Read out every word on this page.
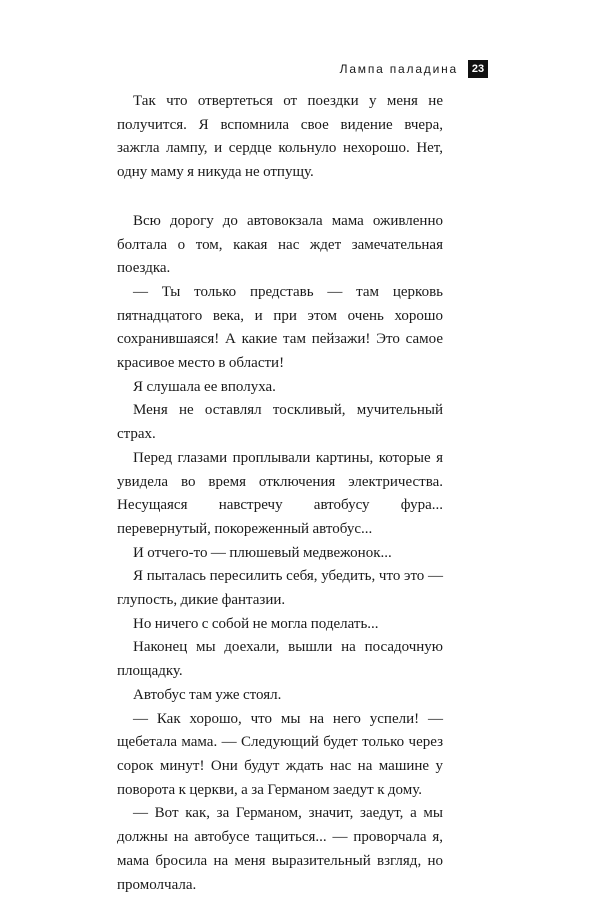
Лампа паладина	23

Так что отвертеться от поездки у меня не получится. Я вспомнила свое видение вчера, зажгла лампу, и сердце кольнуло нехорошо. Нет, одну маму я никуда не отпущу.

Всю дорогу до автовокзала мама оживленно болтала о том, какая нас ждет замечательная поездка.

— Ты только представь — там церковь пятнадцатого века, и при этом очень хорошо сохранившаяся! А какие там пейзажи! Это самое красивое место в области!

Я слушала ее вполуха.

Меня не оставлял тоскливый, мучительный страх.

Перед глазами проплывали картины, которые я увидела во время отключения электричества. Несущаяся навстречу автобусу фура... перевернутый, покореженный автобус...

И отчего-то — плюшевый медвежонок...

Я пыталась пересилить себя, убедить, что это — глупость, дикие фантазии.

Но ничего с собой не могла поделать...

Наконец мы доехали, вышли на посадочную площадку.

Автобус там уже стоял.

— Как хорошо, что мы на него успели! — щебетала мама. — Следующий будет только через сорок минут! Они будут ждать нас на машине у поворота к церкви, а за Германом заедут к дому.

— Вот как, за Германом, значит, заедут, а мы должны на автобусе тащиться... — проворчала я, мама бросила на меня выразительный взгляд, но промолчала.
